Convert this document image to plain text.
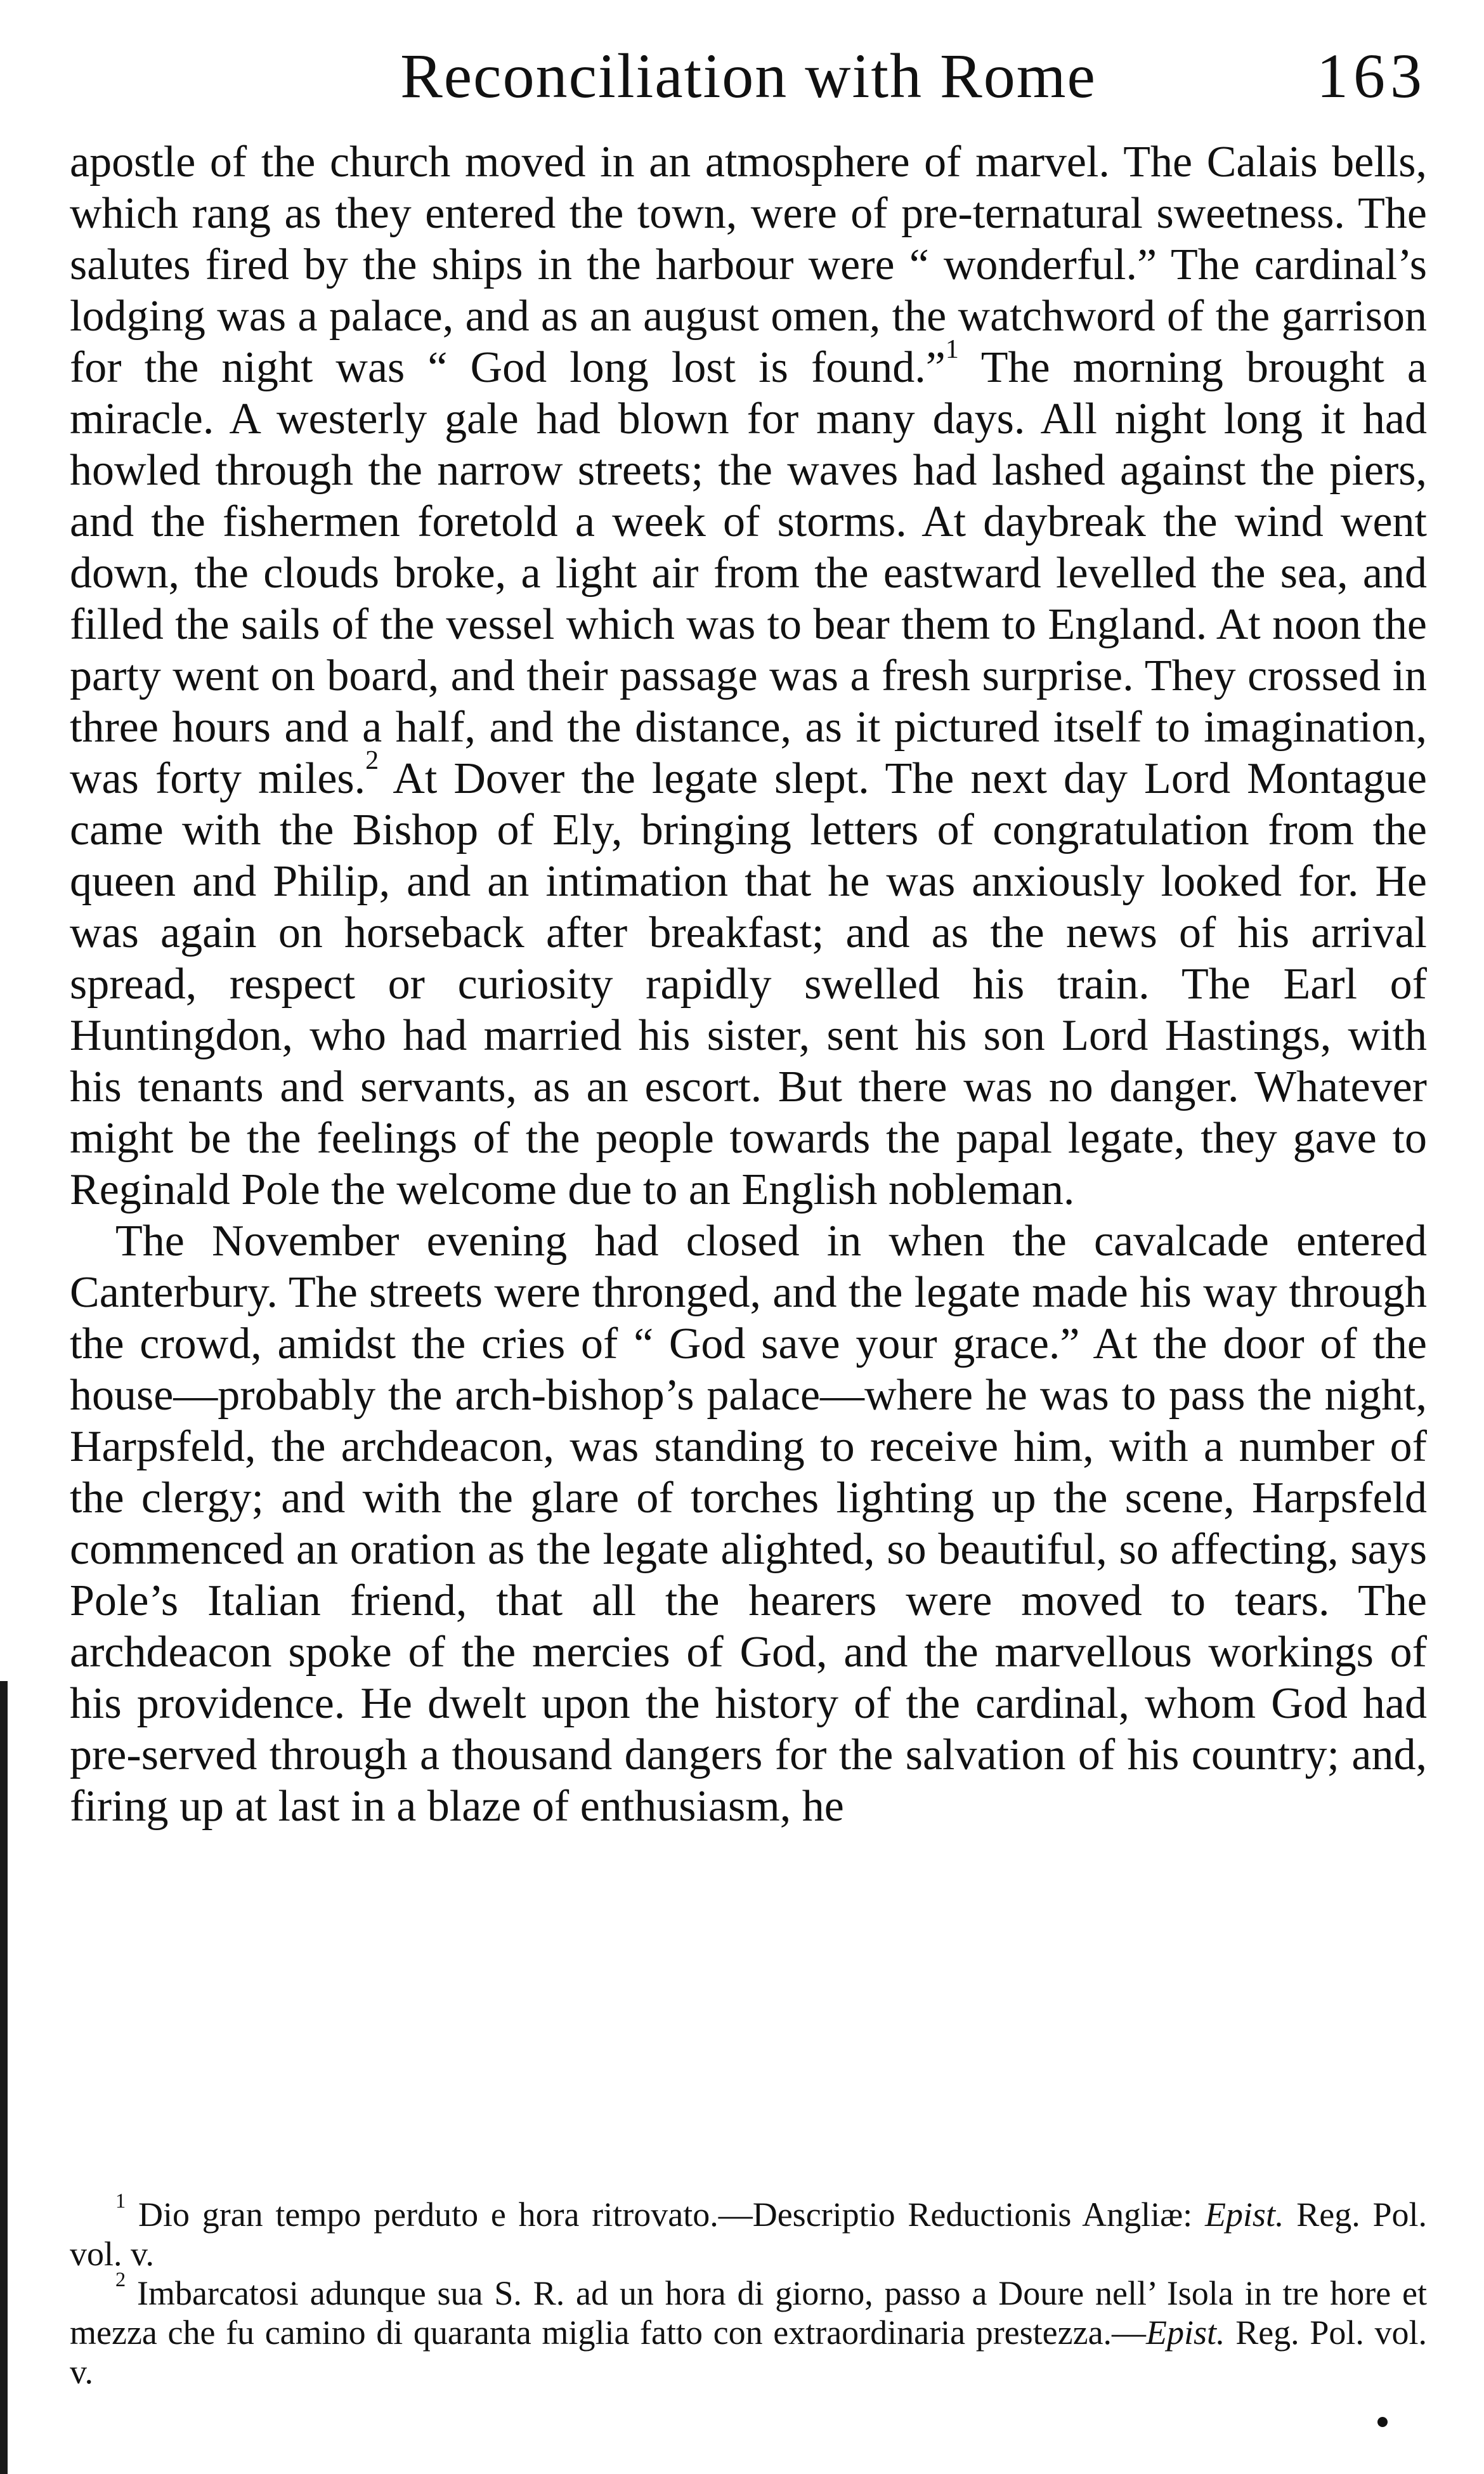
Reconciliation with Rome	163

apostle of the church moved in an atmosphere of marvel. The Calais bells, which rang as they entered the town, were of pre-ternatural sweetness. The salutes fired by the ships in the harbour were “ wonderful.” The cardinal’s lodging was a palace, and as an august omen, the watchword of the garrison for the night was “ God long lost is found.”$^1$ The morning brought a miracle. A westerly gale had blown for many days. All night long it had howled through the narrow streets; the waves had lashed against the piers, and the fishermen foretold a week of storms. At daybreak the wind went down, the clouds broke, a light air from the eastward levelled the sea, and filled the sails of the vessel which was to bear them to England. At noon the party went on board, and their passage was a fresh surprise. They crossed in three hours and a half, and the distance, as it pictured itself to imagination, was forty miles.$^2$ At Dover the legate slept. The next day Lord Montague came with the Bishop of Ely, bringing letters of congratulation from the queen and Philip, and an intimation that he was anxiously looked for. He was again on horseback after breakfast; and as the news of his arrival spread, respect or curiosity rapidly swelled his train. The Earl of Huntingdon, who had married his sister, sent his son Lord Hastings, with his tenants and servants, as an escort. But there was no danger. Whatever might be the feelings of the people towards the papal legate, they gave to Reginald Pole the welcome due to an English nobleman.

The November evening had closed in when the cavalcade entered Canterbury. The streets were thronged, and the legate made his way through the crowd, amidst the cries of “ God save your grace.” At the door of the house—probably the arch-bishop’s palace—where he was to pass the night, Harpsfeld, the archdeacon, was standing to receive him, with a number of the clergy; and with the glare of torches lighting up the scene, Harpsfeld commenced an oration as the legate alighted, so beautiful, so affecting, says Pole’s Italian friend, that all the hearers were moved to tears. The archdeacon spoke of the mercies of God, and the marvellous workings of his providence. He dwelt upon the history of the cardinal, whom God had pre-served through a thousand dangers for the salvation of his country; and, firing up at last in a blaze of enthusiasm, he

$^1$ Dio gran tempo perduto e hora ritrovato.—Descriptio Reductionis Angliæ: Epist. Reg. Pol. vol. v.

$^2$ Imbarcatosi adunque sua S. R. ad un hora di giorno, passo a Doure nell’ Isola in tre hore et mezza che fu camino di quaranta miglia fatto con extraordinaria prestezza.—Epist. Reg. Pol. vol. v.
